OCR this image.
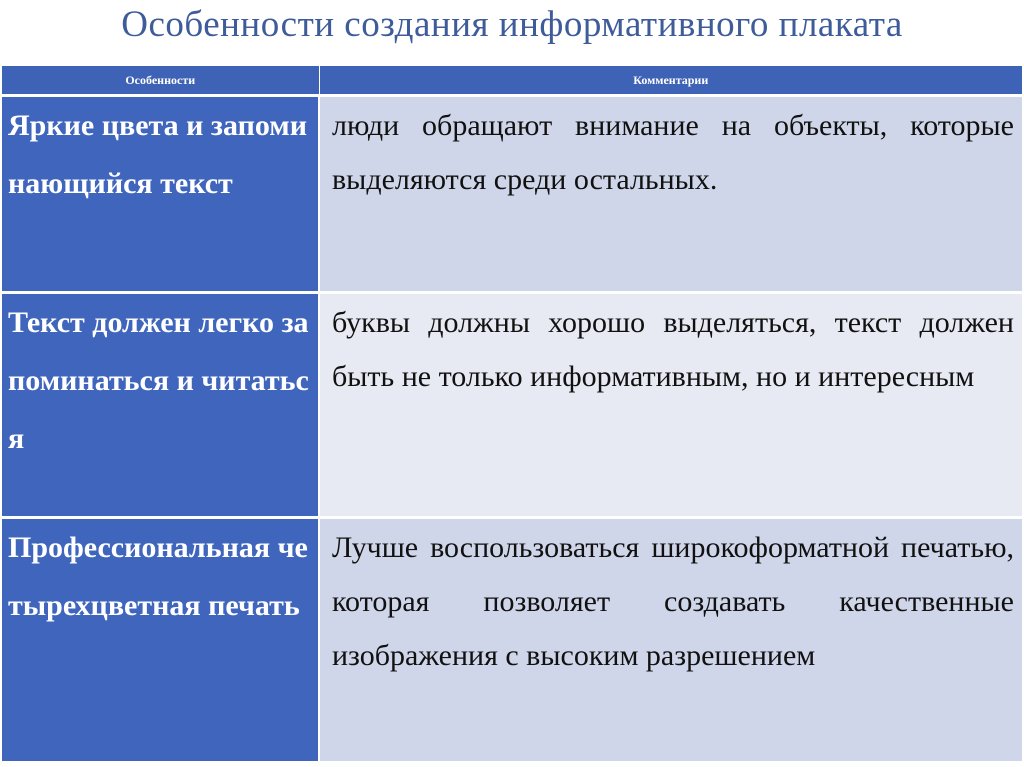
Особенности создания информативного плаката
Особенности	Комментарии
Яркие цвета и запоминающийся текст	люди обращают внимание на объекты, которые выделяются среди остальных.
Текст должен легко запоминаться и читаться	буквы должны хорошо выделяться, текст должен быть не только информативным, но и интересным
Профессиональная четырехцветная печать	Лучше воспользоваться широкоформатной печатью, которая позволяет создавать качественные изображения с высоким разрешением
